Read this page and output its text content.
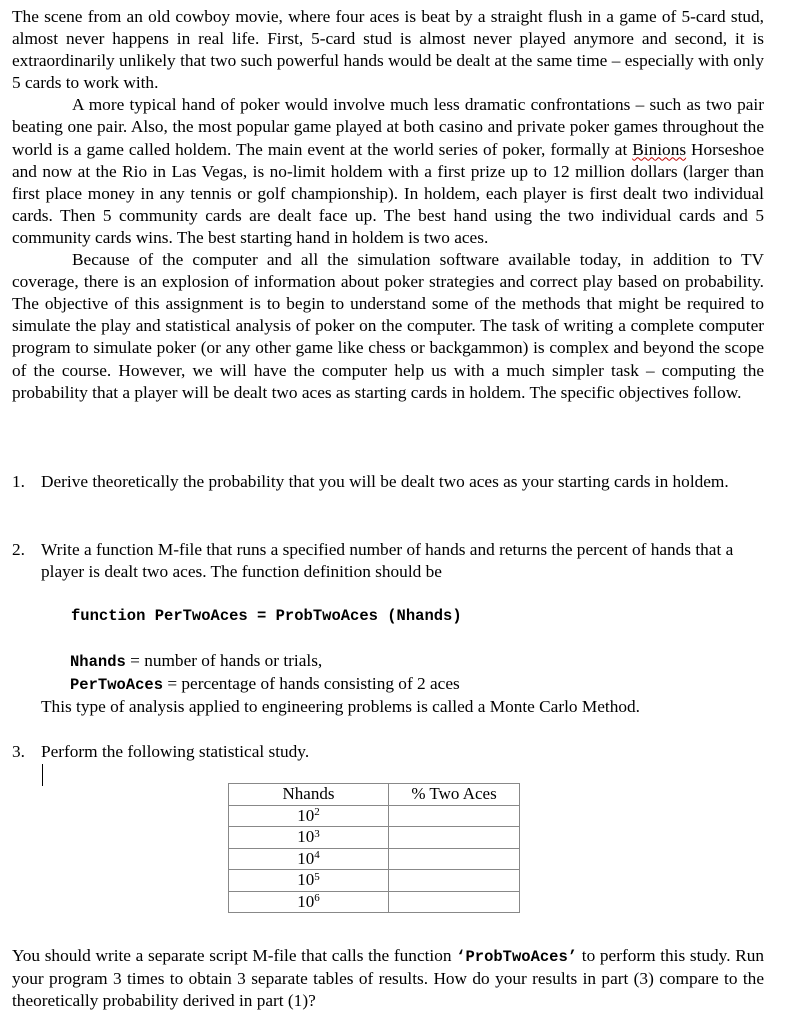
The scene from an old cowboy movie, where four aces is beat by a straight flush in a game of 5-card stud, almost never happens in real life. First, 5-card stud is almost never played anymore and second, it is extraordinarily unlikely that two such powerful hands would be dealt at the same time – especially with only 5 cards to work with.

A more typical hand of poker would involve much less dramatic confrontations – such as two pair beating one pair. Also, the most popular game played at both casino and private poker games throughout the world is a game called holdem. The main event at the world series of poker, formally at Binions Horseshoe and now at the Rio in Las Vegas, is no-limit holdem with a first prize up to 12 million dollars (larger than first place money in any tennis or golf championship). In holdem, each player is first dealt two individual cards. Then 5 community cards are dealt face up. The best hand using the two individual cards and 5 community cards wins. The best starting hand in holdem is two aces.

Because of the computer and all the simulation software available today, in addition to TV coverage, there is an explosion of information about poker strategies and correct play based on probability. The objective of this assignment is to begin to understand some of the methods that might be required to simulate the play and statistical analysis of poker on the computer. The task of writing a complete computer program to simulate poker (or any other game like chess or backgammon) is complex and beyond the scope of the course. However, we will have the computer help us with a much simpler task – computing the probability that a player will be dealt two aces as starting cards in holdem. The specific objectives follow.

1. Derive theoretically the probability that you will be dealt two aces as your starting cards in holdem.
2. Write a function M-file that runs a specified number of hands and returns the percent of hands that a player is dealt two aces. The function definition should be
function PerTwoAces = ProbTwoAces (Nhands)
Nhands = number of hands or trials,
PerTwoAces = percentage of hands consisting of 2 aces
This type of analysis applied to engineering problems is called a Monte Carlo Method.
3. Perform the following statistical study.
Nhands	% Two Aces
$10^2$	
$10^3$	
$10^4$	
$10^5$	
$10^6$	

You should write a separate script M-file that calls the function ‘ProbTwoAces’ to perform this study. Run your program 3 times to obtain 3 separate tables of results. How do your results in part (3) compare to the theoretically probability derived in part (1)?
